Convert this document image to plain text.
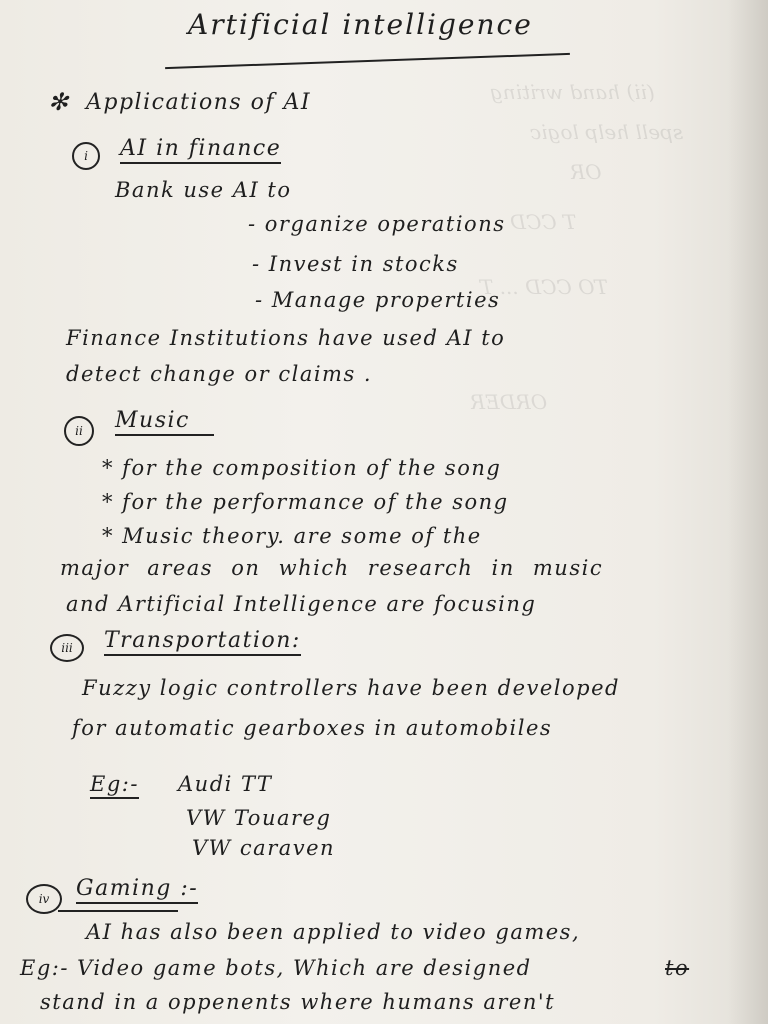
(ii) hand writing
spell help logic
OR
T CCD
TO CCD ... T
ORDER
Artificial intelligence
✻ Applications of AI
i	AI in finance
Bank use AI to
- organize operations
- Invest in stocks
- Manage properties
Finance Institutions have used AI to
detect change or claims .
ii	Music
* for the composition of the song
* for the performance of the song
* Music theory. are some of the
major areas on which research in music
and Artificial Intelligence are focusing
iii	Transportation:
Fuzzy logic controllers have been developed
for automatic gearboxes in automobiles
Eg:- Audi TT
VW Touareg
VW caraven
iv	Gaming :-
AI has also been applied to video games,
Eg:- Video game bots, Which are designed	to
stand in a oppenents where humans aren't
